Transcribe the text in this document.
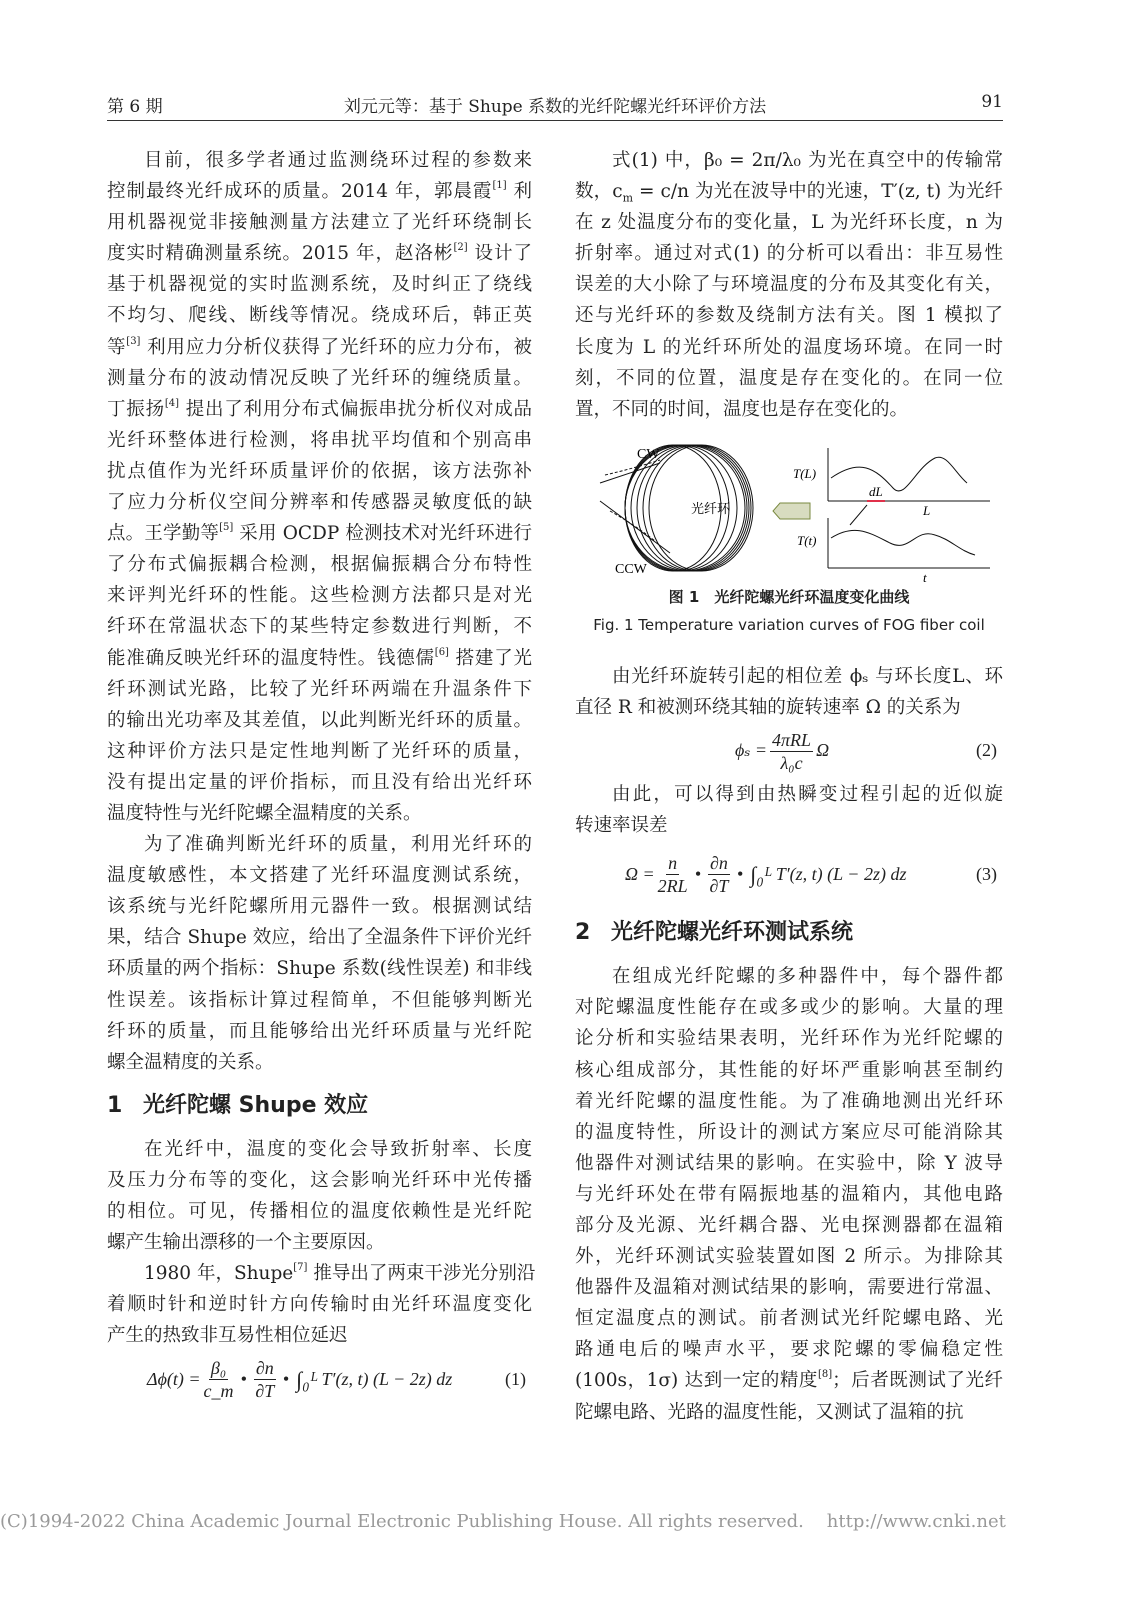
第 6 期	刘元元等：基于 Shupe 系数的光纤陀螺光纤环评价方法	91
目前，很多学者通过监测绕环过程的参数来
控制最终光纤成环的质量。2014 年，郭晨霞[1] 利
用机器视觉非接触测量方法建立了光纤环绕制长
度实时精确测量系统。2015 年，赵洛彬[2] 设计了
基于机器视觉的实时监测系统，及时纠正了绕线
不均匀、爬线、断线等情况。绕成环后，韩正英
等[3] 利用应力分析仪获得了光纤环的应力分布，被
测量分布的波动情况反映了光纤环的缠绕质量。
丁振扬[4] 提出了利用分布式偏振串扰分析仪对成品
光纤环整体进行检测，将串扰平均值和个别高串
扰点值作为光纤环质量评价的依据，该方法弥补
了应力分析仪空间分辨率和传感器灵敏度低的缺
点。王学勤等[5] 采用 OCDP 检测技术对光纤环进行
了分布式偏振耦合检测，根据偏振耦合分布特性
来评判光纤环的性能。这些检测方法都只是对光
纤环在常温状态下的某些特定参数进行判断，不
能准确反映光纤环的温度特性。钱德儒[6] 搭建了光
纤环测试光路，比较了光纤环两端在升温条件下
的输出光功率及其差值，以此判断光纤环的质量。
这种评价方法只是定性地判断了光纤环的质量，
没有提出定量的评价指标，而且没有给出光纤环
温度特性与光纤陀螺全温精度的关系。
为了准确判断光纤环的质量，利用光纤环的
温度敏感性，本文搭建了光纤环温度测试系统，
该系统与光纤陀螺所用元器件一致。根据测试结
果，结合 Shupe 效应，给出了全温条件下评价光纤
环质量的两个指标：Shupe 系数(线性误差) 和非线
性误差。该指标计算过程简单，不但能够判断光
纤环的质量，而且能够给出光纤环质量与光纤陀
螺全温精度的关系。
1 光纤陀螺 Shupe 效应
在光纤中，温度的变化会导致折射率、长度
及压力分布等的变化，这会影响光纤环中光传播
的相位。可见，传播相位的温度依赖性是光纤陀
螺产生输出漂移的一个主要原因。
1980 年，Shupe[7] 推导出了两束干涉光分别沿
着顺时针和逆时针方向传输时由光纤环温度变化
产生的热致非互易性相位延迟
$\Delta\phi(t) = \frac{\text{β₀}}{c\_m}$ • $\frac{\partial n}{\partial T}$ • ∫₀ᴸ T′(z, t) (L − 2z) dz	(1)
式(1) 中，β₀ = 2π/λ₀ 为光在真空中的传输常
数，$c_m = c/n$ 为光在波导中的光速，T′(z, t) 为光纤
在 z 处温度分布的变化量，L 为光纤环长度，n 为
折射率。通过对式(1) 的分析可以看出：非互易性
误差的大小除了与环境温度的分布及其变化有关，
还与光纤环的参数及绕制方法有关。图 1 模拟了
长度为 L 的光纤环所处的温度场环境。在同一时
刻，不同的位置，温度是存在变化的。在同一位
置，不同的时间，温度也是存在变化的。
CW
CCW
光纤环
T(L)
dL
L
T(t)
t
图 1　光纤陀螺光纤环温度变化曲线
Fig. 1 Temperature variation curves of FOG fiber coil
由光纤环旋转引起的相位差 ϕₛ 与环长度L、环
直径 R 和被测环绕其轴的旋转速率 Ω 的关系为
ϕₛ =
4πRL
λ₀c
Ω	(2)
由此，可以得到由热瞬变过程引起的近似旋
转速率误差
$\Omega = \frac{n}{2RL}$ • $\frac{\partial n}{\partial T}$ • ∫₀ᴸ T′(z, t) (L − 2z) dz	(3)
2 光纤陀螺光纤环测试系统
在组成光纤陀螺的多种器件中，每个器件都
对陀螺温度性能存在或多或少的影响。大量的理
论分析和实验结果表明，光纤环作为光纤陀螺的
核心组成部分，其性能的好坏严重影响甚至制约
着光纤陀螺的温度性能。为了准确地测出光纤环
的温度特性，所设计的测试方案应尽可能消除其
他器件对测试结果的影响。在实验中，除 Y 波导
与光纤环处在带有隔振地基的温箱内，其他电路
部分及光源、光纤耦合器、光电探测器都在温箱
外，光纤环测试实验装置如图 2 所示。为排除其
他器件及温箱对测试结果的影响，需要进行常温、
恒定温度点的测试。前者测试光纤陀螺电路、光
路通电后的噪声水平，要求陀螺的零偏稳定性
(100s，1σ) 达到一定的精度[8]；后者既测试了光纤
陀螺电路、光路的温度性能，又测试了温箱的抗
(C)1994-2022 China Academic Journal Electronic Publishing House. All rights reserved.    http://www.cnki.net
